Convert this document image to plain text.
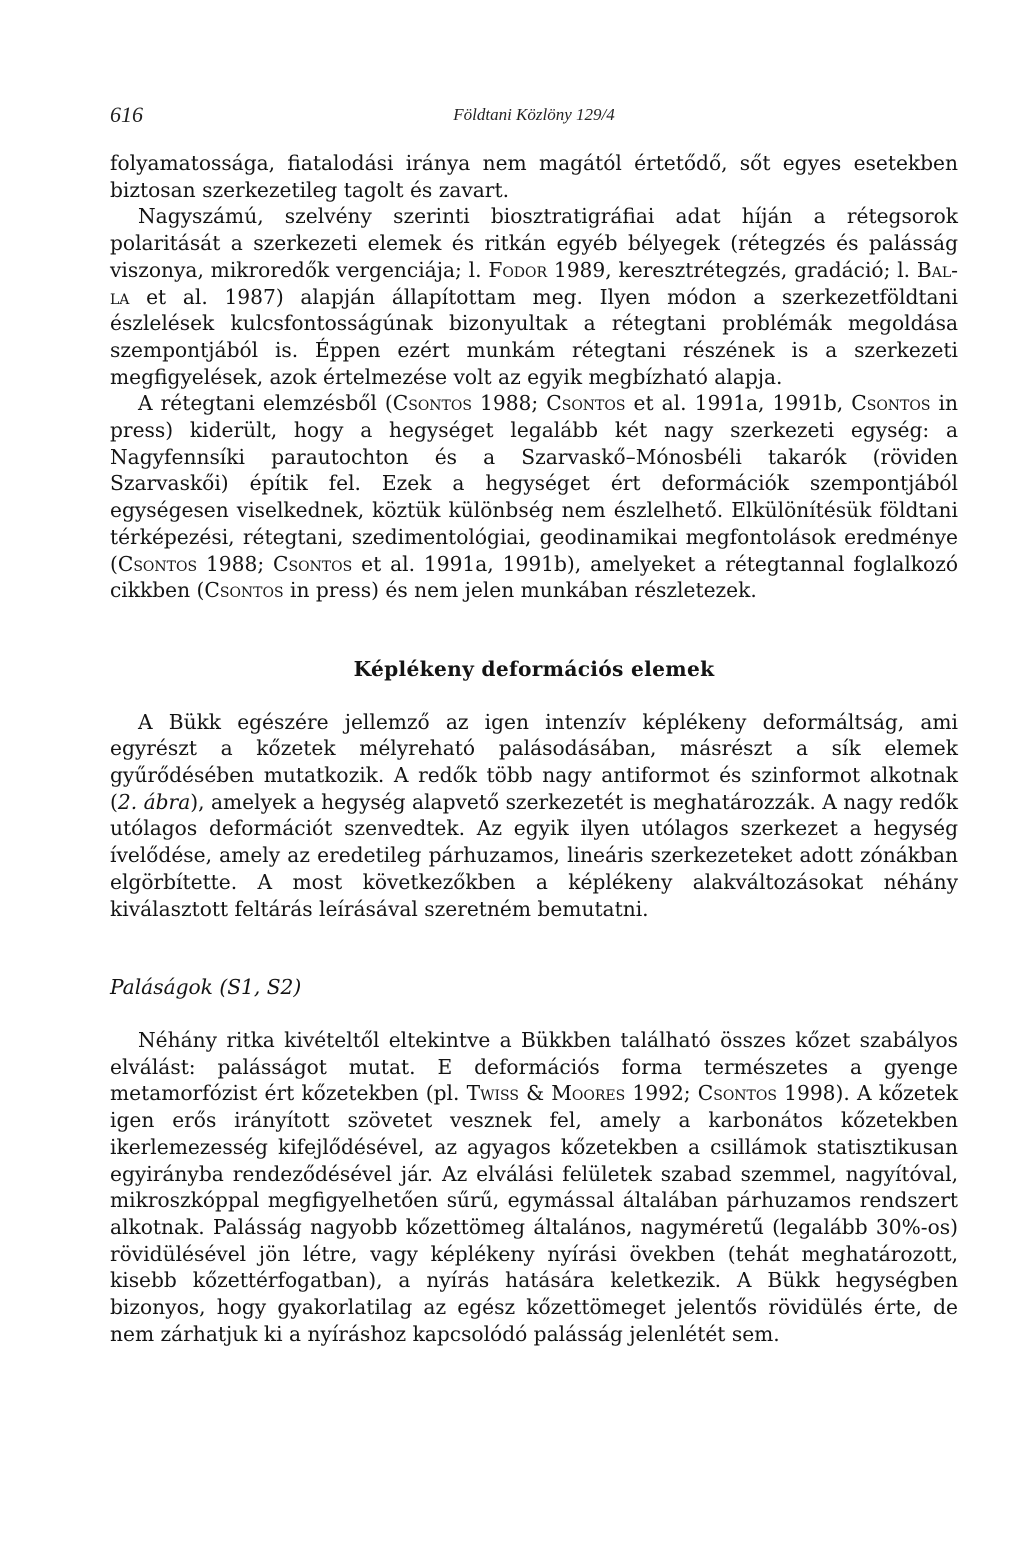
616	Földtani Közlöny 129/4

folyamatossága, fiatalodási iránya nem magától értetődő, sőt egyes esetekben biztosan szerkezetileg tagolt és zavart.

Nagyszámú, szelvény szerinti biosztratigráfiai adat híján a rétegsorok polaritását a szerkezeti elemek és ritkán egyéb bélyegek (rétegzés és palásság viszonya, mikroredők vergenciája; l. Fodor 1989, keresztrétegzés, gradáció; l. Bal-la et al. 1987) alapján állapítottam meg. Ilyen módon a szerkezetföldtani észlelések kulcsfontosságúnak bizonyultak a rétegtani problémák megoldása szempontjából is. Éppen ezért munkám rétegtani részének is a szerkezeti megfigyelések, azok értelmezése volt az egyik megbízható alapja.

A rétegtani elemzésből (Csontos 1988; Csontos et al. 1991a, 1991b, Csontos in press) kiderült, hogy a hegységet legalább két nagy szerkezeti egység: a Nagyfennsíki parautochton és a Szarvaskő–Mónosbéli takarók (röviden Szarvaskői) építik fel. Ezek a hegységet ért deformációk szempontjából egységesen viselkednek, köztük különbség nem észlelhető. Elkülönítésük földtani térképezési, rétegtani, szedimentológiai, geodinamikai megfontolások eredménye (Csontos 1988; Csontos et al. 1991a, 1991b), amelyeket a rétegtannal foglalkozó cikkben (Csontos in press) és nem jelen munkában részletezek.

Képlékeny deformációs elemek

A Bükk egészére jellemző az igen intenzív képlékeny deformáltság, ami egyrészt a kőzetek mélyreható palásodásában, másrészt a sík elemek gyűrődésében mutatkozik. A redők több nagy antiformot és szinformot alkotnak (2. ábra), amelyek a hegység alapvető szerkezetét is meghatározzák. A nagy redők utólagos deformációt szenvedtek. Az egyik ilyen utólagos szerkezet a hegység ívelődése, amely az eredetileg párhuzamos, lineáris szerkezeteket adott zónákban elgörbítette. A most következőkben a képlékeny alakváltozásokat néhány kiválasztott feltárás leírásával szeretném bemutatni.

Paláságok (S1, S2)

Néhány ritka kivételtől eltekintve a Bükkben található összes kőzet szabályos elválást: palásságot mutat. E deformációs forma természetes a gyenge metamorfózist ért kőzetekben (pl. Twiss & Moores 1992; Csontos 1998). A kőzetek igen erős irányított szövetet vesznek fel, amely a karbonátos kőzetekben ikerlemezesség kifejlődésével, az agyagos kőzetekben a csillámok statisztikusan egyirányba rendeződésével jár. Az elválási felületek szabad szemmel, nagyítóval, mikroszkóppal megfigyelhetően sűrű, egymással általában párhuzamos rendszert alkotnak. Palásság nagyobb kőzettömeg általános, nagyméretű (legalább 30%-os) rövidülésével jön létre, vagy képlékeny nyírási övekben (tehát meghatározott, kisebb kőzettérfogatban), a nyírás hatására keletkezik. A Bükk hegységben bizonyos, hogy gyakorlatilag az egész kőzettömeget jelentős rövidülés érte, de nem zárhatjuk ki a nyíráshoz kapcsolódó palásság jelenlétét sem.
